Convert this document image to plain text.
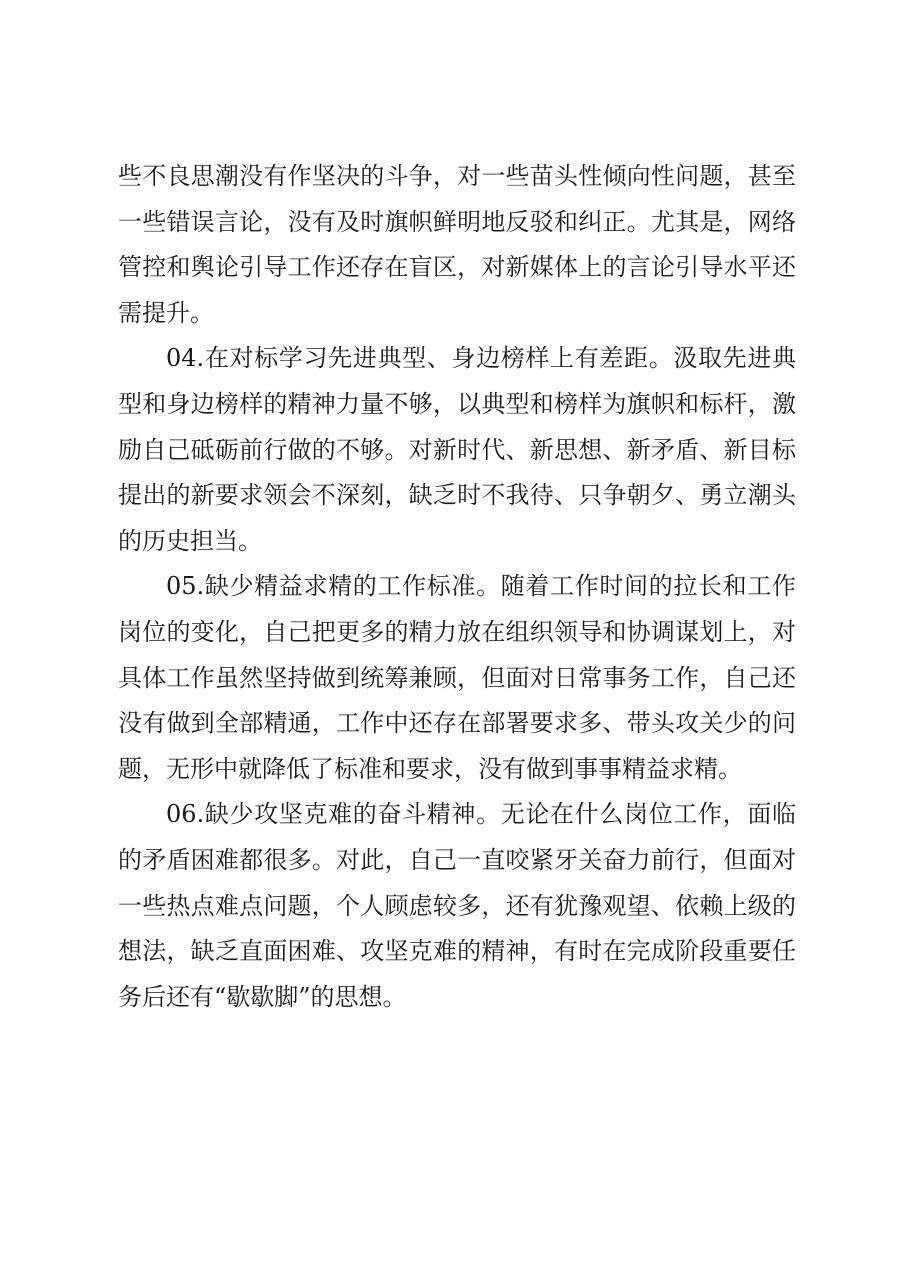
些不良思潮没有作坚决的斗争，对一些苗头性倾向性问题，甚至一些错误言论，没有及时旗帜鲜明地反驳和纠正。尤其是，网络管控和舆论引导工作还存在盲区，对新媒体上的言论引导水平还需提升。

04.在对标学习先进典型、身边榜样上有差距。汲取先进典型和身边榜样的精神力量不够，以典型和榜样为旗帜和标杆，激励自己砥砺前行做的不够。对新时代、新思想、新矛盾、新目标提出的新要求领会不深刻，缺乏时不我待、只争朝夕、勇立潮头的历史担当。

05.缺少精益求精的工作标准。随着工作时间的拉长和工作岗位的变化，自己把更多的精力放在组织领导和协调谋划上，对具体工作虽然坚持做到统筹兼顾，但面对日常事务工作，自己还没有做到全部精通，工作中还存在部署要求多、带头攻关少的问题，无形中就降低了标准和要求，没有做到事事精益求精。

06.缺少攻坚克难的奋斗精神。无论在什么岗位工作，面临的矛盾困难都很多。对此，自己一直咬紧牙关奋力前行，但面对一些热点难点问题，个人顾虑较多，还有犹豫观望、依赖上级的想法，缺乏直面困难、攻坚克难的精神，有时在完成阶段重要任务后还有“歇歇脚”的思想。
